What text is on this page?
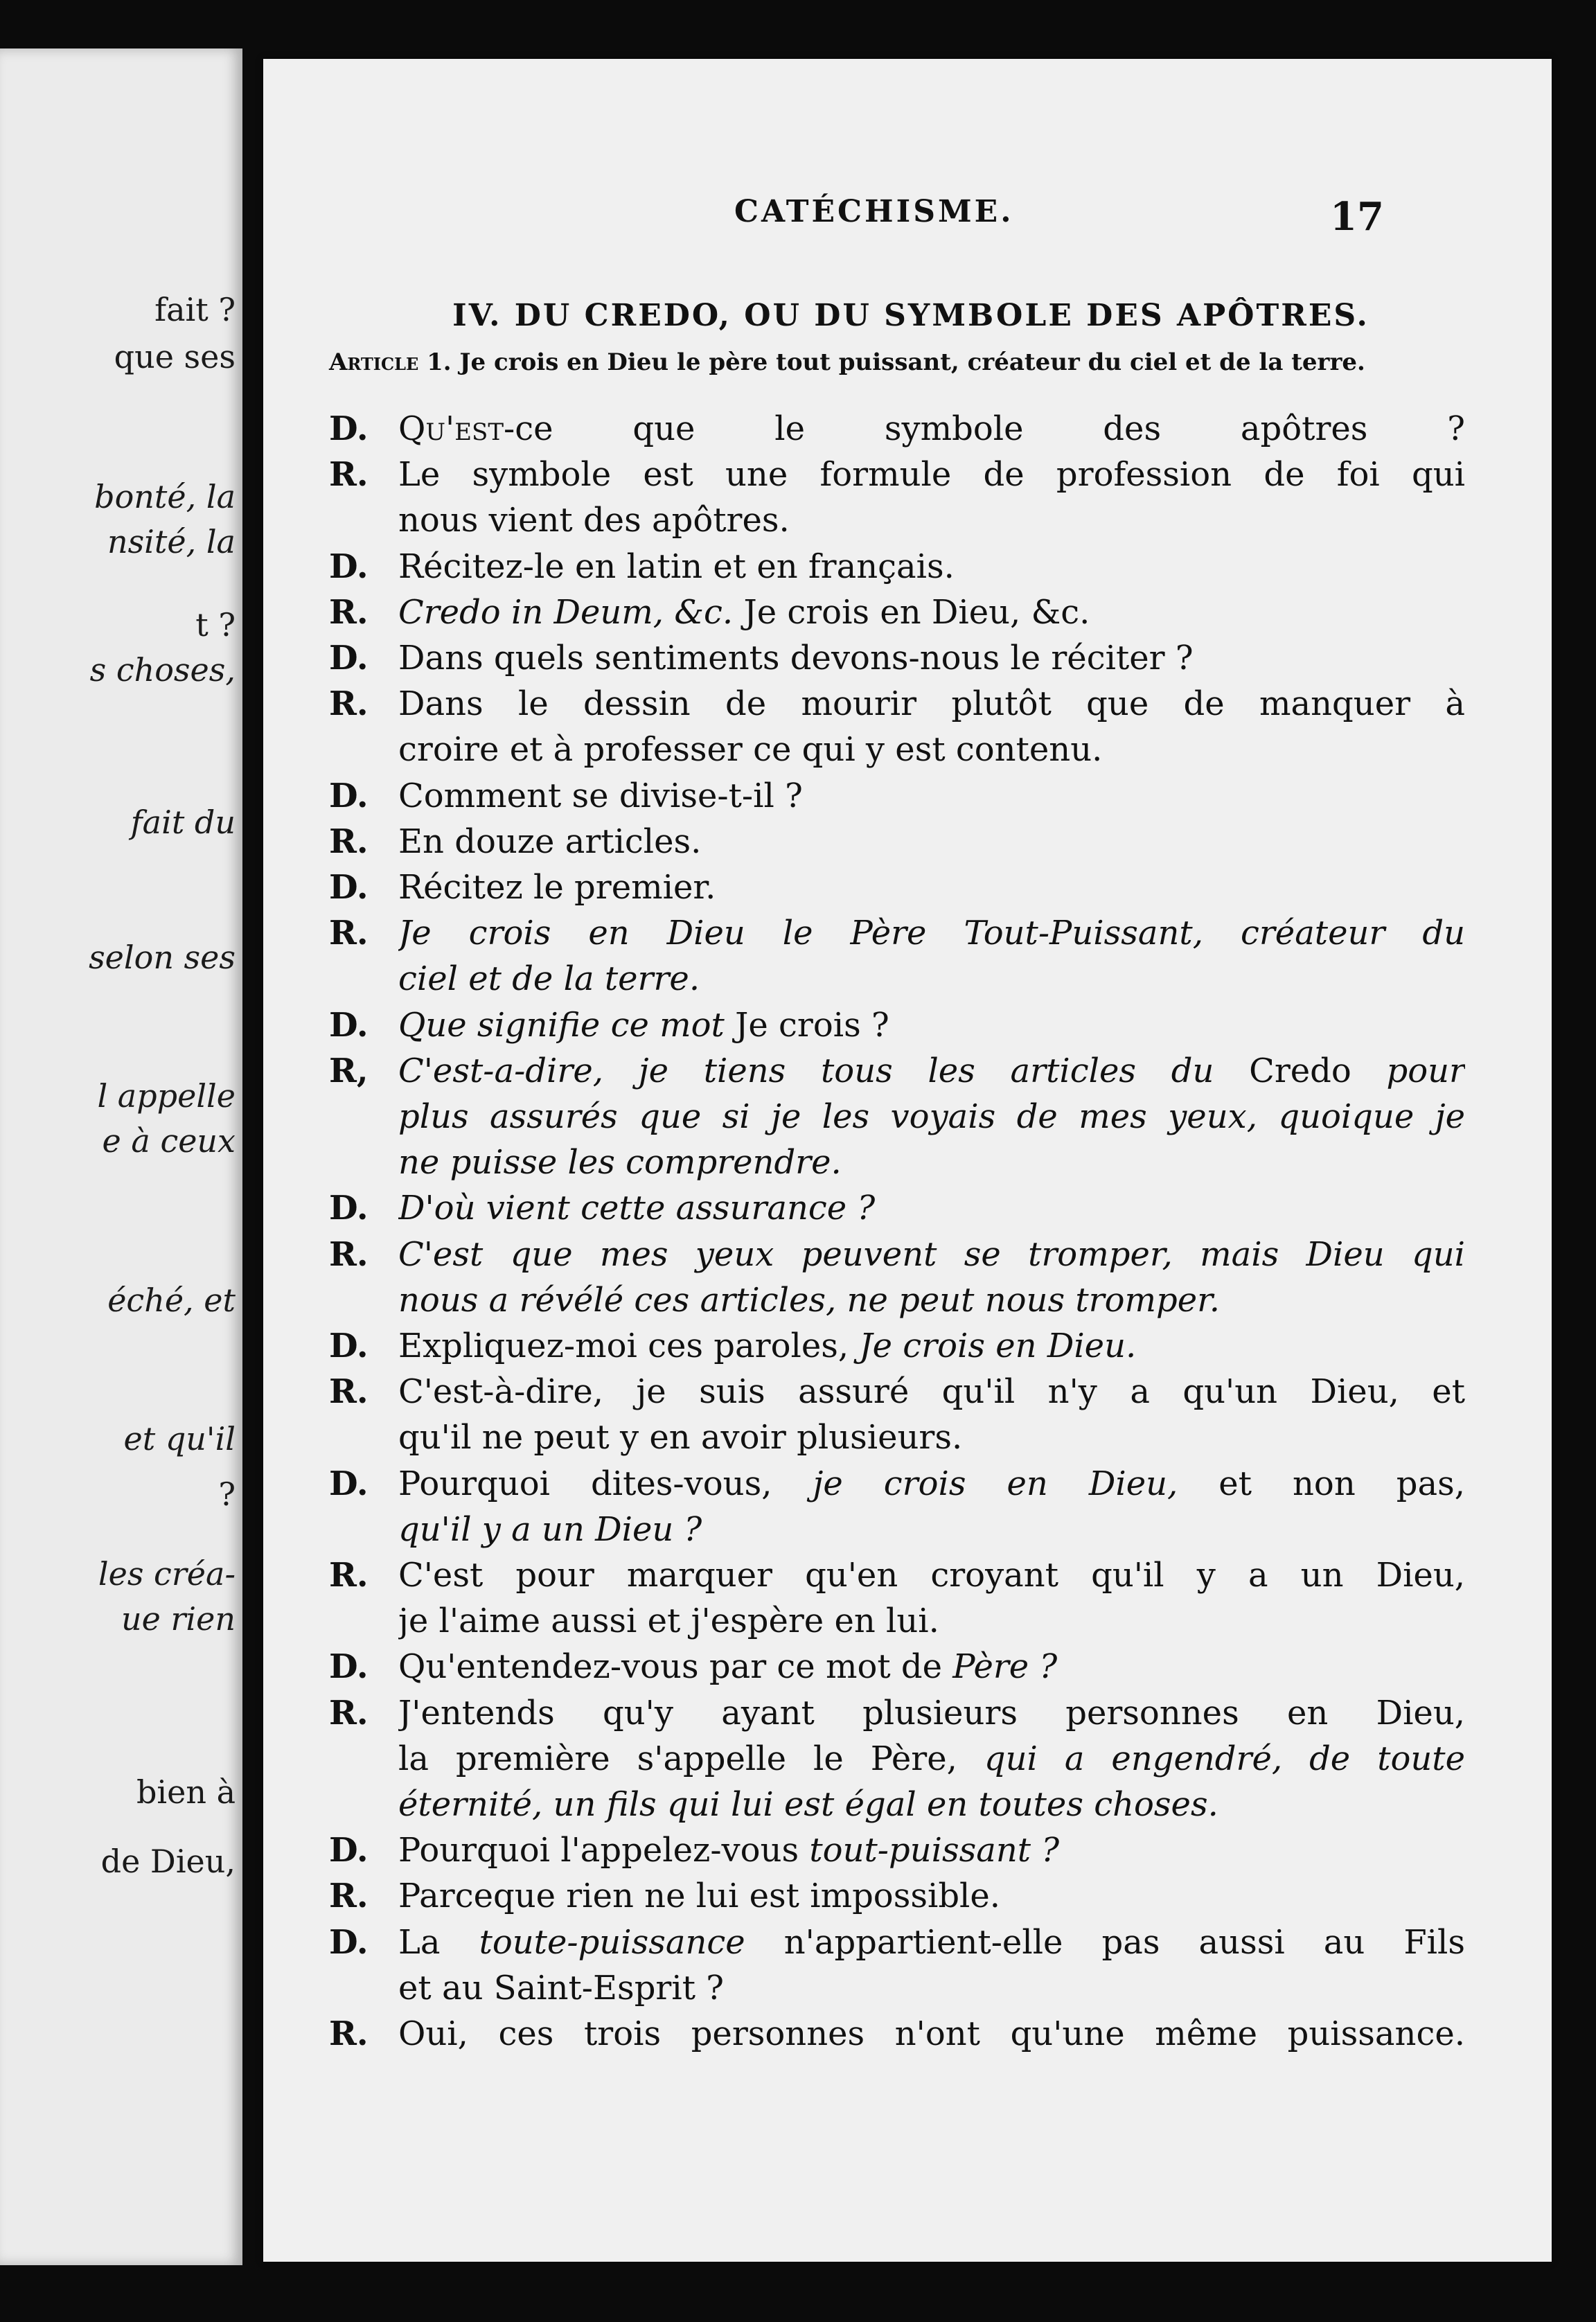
fait ?
que ses
bonté, la
nsité, la
t ?
s choses,
fait du
selon ses
l appelle
e à ceux
éché, et
et qu'il
?
les créa-
ue rien
bien à
de Dieu,
CATÉCHISME.	17
IV. DU CREDO, OU DU SYMBOLE DES APÔTRES.
Article 1. Je crois en Dieu le père tout puissant, créateur du ciel et de la terre.
D. Qu'est-ce que le symbole des apôtres ?
R. Le symbole est une formule de profession de foi qui
nous vient des apôtres.
D. Récitez-le en latin et en français.
R. Credo in Deum, &c. Je crois en Dieu, &c.
D. Dans quels sentiments devons-nous le réciter ?
R. Dans le dessin de mourir plutôt que de manquer à
croire et à professer ce qui y est contenu.
D. Comment se divise-t-il ?
R. En douze articles.
D. Récitez le premier.
R. Je crois en Dieu le Père Tout-Puissant, créateur du
ciel et de la terre.
D. Que signifie ce mot Je crois ?
R, C'est-a-dire, je tiens tous les articles du Credo pour
plus assurés que si je les voyais de mes yeux, quoique je
ne puisse les comprendre.
D. D'où vient cette assurance ?
R. C'est que mes yeux peuvent se tromper, mais Dieu qui
nous a révélé ces articles, ne peut nous tromper.
D. Expliquez-moi ces paroles, Je crois en Dieu.
R. C'est-à-dire, je suis assuré qu'il n'y a qu'un Dieu, et
qu'il ne peut y en avoir plusieurs.
D. Pourquoi dites-vous, je crois en Dieu, et non pas,
qu'il y a un Dieu ?
R. C'est pour marquer qu'en croyant qu'il y a un Dieu,
je l'aime aussi et j'espère en lui.
D. Qu'entendez-vous par ce mot de Père ?
R. J'entends qu'y ayant plusieurs personnes en Dieu,
la première s'appelle le Père, qui a engendré, de toute
éternité, un fils qui lui est égal en toutes choses.
D. Pourquoi l'appelez-vous tout-puissant ?
R. Parceque rien ne lui est impossible.
D. La toute-puissance n'appartient-elle pas aussi au Fils
et au Saint-Esprit ?
R. Oui, ces trois personnes n'ont qu'une même puissance.
